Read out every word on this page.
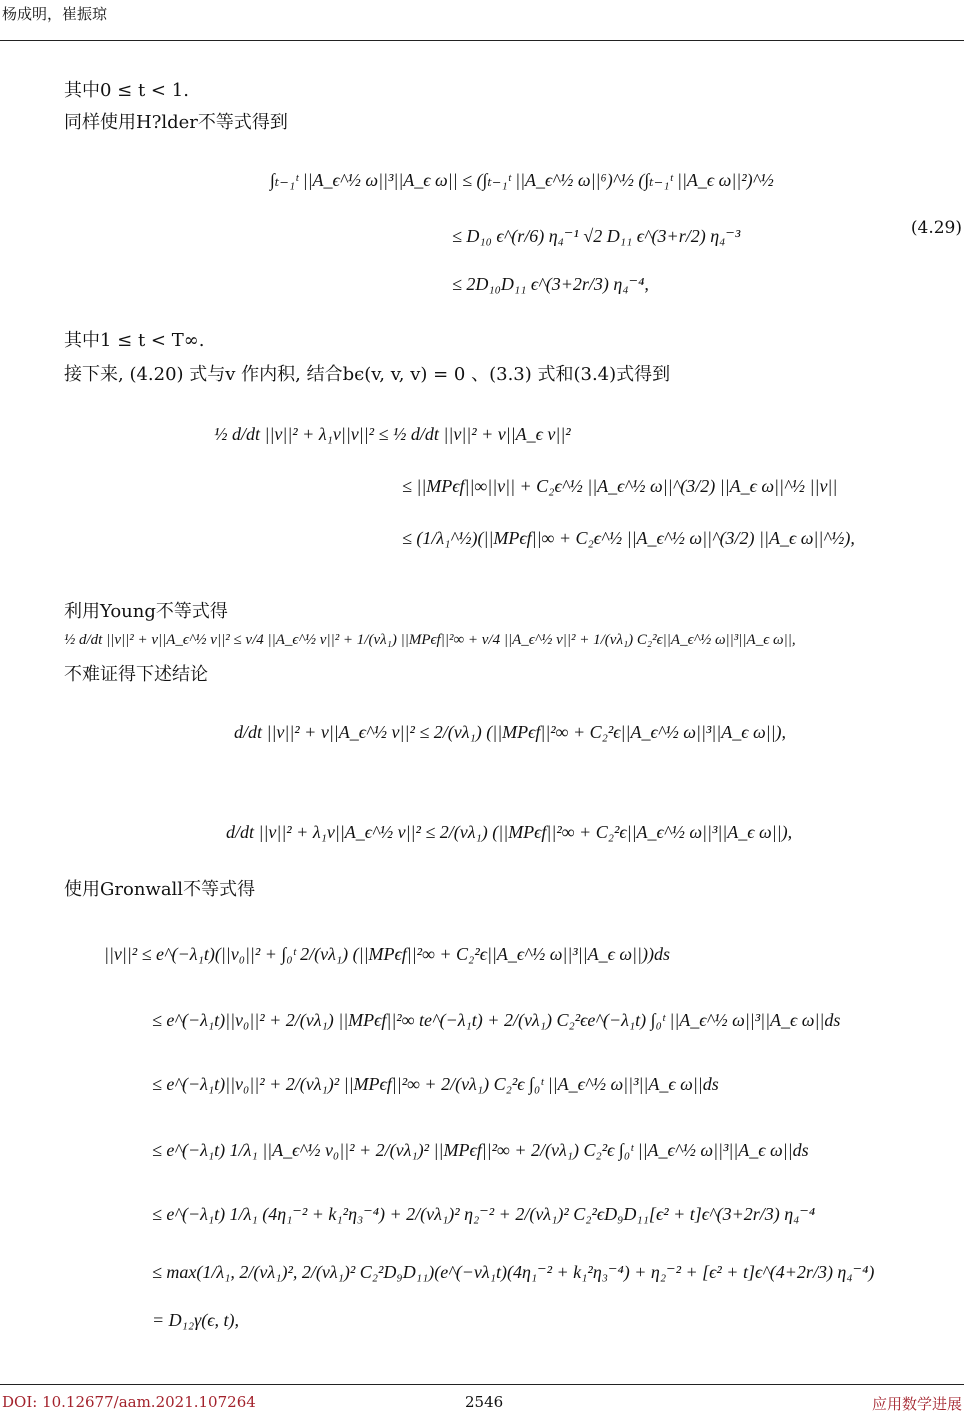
杨成明，崔振琼
其中0 ≤ t < 1.
同样使用H?lder不等式得到
∫ₜ₋₁ᵗ ||A_ϵ^½ ω||³||A_ϵ ω|| ≤ (∫ₜ₋₁ᵗ ||A_ϵ^½ ω||⁶)^½ (∫ₜ₋₁ᵗ ||A_ϵ ω||²)^½
≤ D₁₀ ϵ^(r/6) η₄⁻¹ √2 D₁₁ ϵ^(3+r/2) η₄⁻³
≤ 2D₁₀D₁₁ ϵ^(3+2r/3) η₄⁻⁴,
(4.29)
其中1 ≤ t < T∞.
接下来, (4.20) 式与v 作内积, 结合bϵ(v, v, v) = 0 、(3.3) 式和(3.4)式得到
½ d/dt ||v||² + λ₁ν||v||² ≤ ½ d/dt ||v||² + ν||A_ϵ v||²
≤ ||MPϵf||∞||v|| + C₂ϵ^½ ||A_ϵ^½ ω||^(3/2) ||A_ϵ ω||^½ ||v||
≤ (1/λ₁^½)(||MPϵf||∞ + C₂ϵ^½ ||A_ϵ^½ ω||^(3/2) ||A_ϵ ω||^½),
利用Young不等式得
½ d/dt ||v||² + ν||A_ϵ^½ v||² ≤ ν/4 ||A_ϵ^½ v||² + 1/(νλ₁) ||MPϵf||²∞ + ν/4 ||A_ϵ^½ v||² + 1/(νλ₁) C₂²ϵ||A_ϵ^½ ω||³||A_ϵ ω||,
不难证得下述结论
d/dt ||v||² + ν||A_ϵ^½ v||² ≤ 2/(νλ₁) (||MPϵf||²∞ + C₂²ϵ||A_ϵ^½ ω||³||A_ϵ ω||),
d/dt ||v||² + λ₁ν||A_ϵ^½ v||² ≤ 2/(νλ₁) (||MPϵf||²∞ + C₂²ϵ||A_ϵ^½ ω||³||A_ϵ ω||),
使用Gronwall不等式得
||v||² ≤ e^(−λ₁t)(||v₀||² + ∫₀ᵗ 2/(νλ₁) (||MPϵf||²∞ + C₂²ϵ||A_ϵ^½ ω||³||A_ϵ ω||))ds
≤ e^(−λ₁t)||v₀||² + 2/(νλ₁) ||MPϵf||²∞ te^(−λ₁t) + 2/(νλ₁) C₂²ϵe^(−λ₁t) ∫₀ᵗ ||A_ϵ^½ ω||³||A_ϵ ω||ds
≤ e^(−λ₁t)||v₀||² + 2/(νλ₁)² ||MPϵf||²∞ + 2/(νλ₁) C₂²ϵ ∫₀ᵗ ||A_ϵ^½ ω||³||A_ϵ ω||ds
≤ e^(−λ₁t) 1/λ₁ ||A_ϵ^½ v₀||² + 2/(νλ₁)² ||MPϵf||²∞ + 2/(νλ₁) C₂²ϵ ∫₀ᵗ ||A_ϵ^½ ω||³||A_ϵ ω||ds
≤ e^(−λ₁t) 1/λ₁ (4η₁⁻² + k₁²η₃⁻⁴) + 2/(νλ₁)² η₂⁻² + 2/(νλ₁)² C₂²ϵD₉D₁₁[ϵ² + t]ϵ^(3+2r/3) η₄⁻⁴
≤ max(1/λ₁, 2/(νλ₁)², 2/(νλ₁)² C₂²D₉D₁₁)(e^(−νλ₁t)(4η₁⁻² + k₁²η₃⁻⁴) + η₂⁻² + [ϵ² + t]ϵ^(4+2r/3) η₄⁻⁴)
= D₁₂γ(ϵ, t),
DOI: 10.12677/aam.2021.107264	2546	应用数学进展
